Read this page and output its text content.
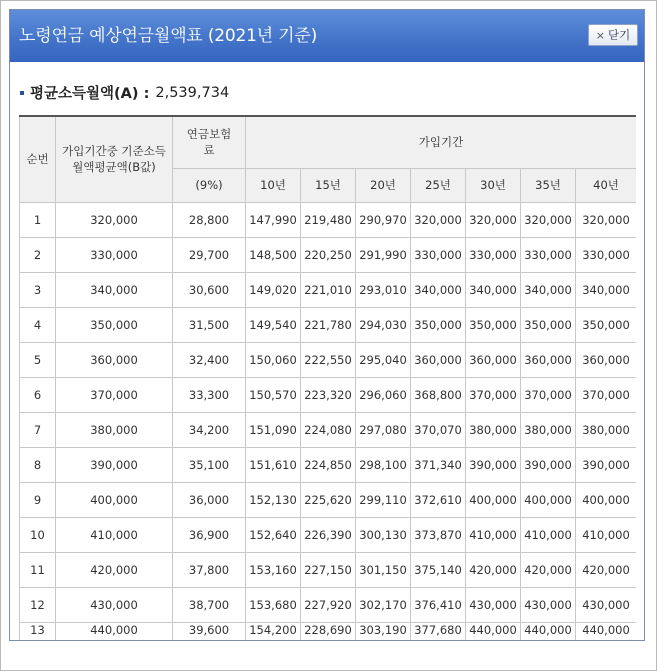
노령연금 예상연금월액표 (2021년 기준)	× 닫기
평균소득월액(A) : 2,539,734
순번	가입기간중 기준소득월액평균액(B값)	연금보험료	가입기간						
		(9%)	10년	15년	20년	25년	30년	35년	40년
1	320,000	28,800	147,990	219,480	290,970	320,000	320,000	320,000	320,000
2	330,000	29,700	148,500	220,250	291,990	330,000	330,000	330,000	330,000
3	340,000	30,600	149,020	221,010	293,010	340,000	340,000	340,000	340,000
4	350,000	31,500	149,540	221,780	294,030	350,000	350,000	350,000	350,000
5	360,000	32,400	150,060	222,550	295,040	360,000	360,000	360,000	360,000
6	370,000	33,300	150,570	223,320	296,060	368,800	370,000	370,000	370,000
7	380,000	34,200	151,090	224,080	297,080	370,070	380,000	380,000	380,000
8	390,000	35,100	151,610	224,850	298,100	371,340	390,000	390,000	390,000
9	400,000	36,000	152,130	225,620	299,110	372,610	400,000	400,000	400,000
10	410,000	36,900	152,640	226,390	300,130	373,870	410,000	410,000	410,000
11	420,000	37,800	153,160	227,150	301,150	375,140	420,000	420,000	420,000
12	430,000	38,700	153,680	227,920	302,170	376,410	430,000	430,000	430,000
13	440,000	39,600	154,200	228,690	303,190	377,680	440,000	440,000	440,000
